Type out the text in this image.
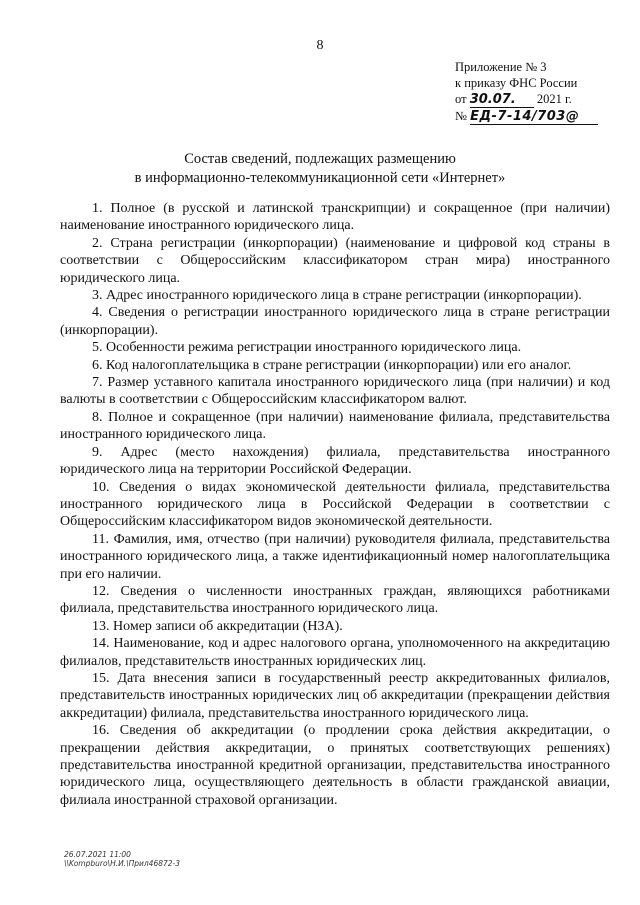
8
Приложение № 3
к приказу ФНС России
от 30.07. 2021 г.
№ ЕД-7-14/703@
Состав сведений, подлежащих размещению
в информационно-телекоммуникационной сети «Интернет»

1. Полное (в русской и латинской транскрипции) и сокращенное (при наличии) наименование иностранного юридического лица.

2. Страна регистрации (инкорпорации) (наименование и цифровой код страны в соответствии с Общероссийским классификатором стран мира) иностранного юридического лица.

3. Адрес иностранного юридического лица в стране регистрации (инкорпорации).

4. Сведения о регистрации иностранного юридического лица в стране регистрации (инкорпорации).

5. Особенности режима регистрации иностранного юридического лица.

6. Код налогоплательщика в стране регистрации (инкорпорации) или его аналог.

7. Размер уставного капитала иностранного юридического лица (при наличии) и код валюты в соответствии с Общероссийским классификатором валют.

8. Полное и сокращенное (при наличии) наименование филиала, представительства иностранного юридического лица.

9. Адрес (место нахождения) филиала, представительства иностранного юридического лица на территории Российской Федерации.

10. Сведения о видах экономической деятельности филиала, представительства иностранного юридического лица в Российской Федерации в соответствии с Общероссийским классификатором видов экономической деятельности.

11. Фамилия, имя, отчество (при наличии) руководителя филиала, представительства иностранного юридического лица, а также идентификационный номер налогоплательщика при его наличии.

12. Сведения о численности иностранных граждан, являющихся работниками филиала, представительства иностранного юридического лица.

13. Номер записи об аккредитации (НЗА).

14. Наименование, код и адрес налогового органа, уполномоченного на аккредитацию филиалов, представительств иностранных юридических лиц.

15. Дата внесения записи в государственный реестр аккредитованных филиалов, представительств иностранных юридических лиц об аккредитации (прекращении действия аккредитации) филиала, представительства иностранного юридического лица.

16. Сведения об аккредитации (о продлении срока действия аккредитации, о прекращении действия аккредитации, о принятых соответствующих решениях) представительства иностранной кредитной организации, представительства иностранного юридического лица, осуществляющего деятельность в области гражданской авиации, филиала иностранной страховой организации.

26.07.2021 11:00
\\Kompburo\Н.И.\Прил46872-3
